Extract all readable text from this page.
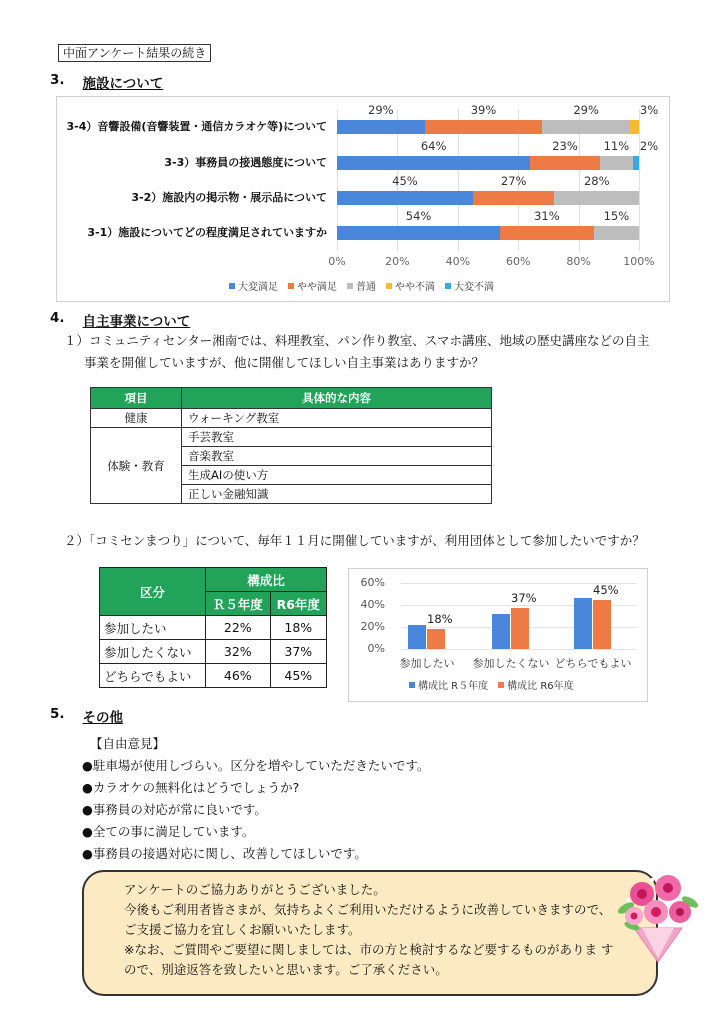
中面アンケート結果の続き
3. 施設について
0%	20%	40%	60%	80%	100%
3-4）音響設備(音響装置・通信カラオケ等)について
29%	39%	29%	3%
3-3）事務員の接遇態度について
64%	23% 11% 2%
3-2）施設内の掲示物・展示品について
45%	27%	28%
3-1）施設についてどの程度満足されていますか
54%	31%	15%
大変満足 やや満足 普通 やや不満 大変不満
4. 自主事業について
１）コミュニティセンター湘南では、料理教室、パン作り教室、スマホ講座、地域の歴史講座などの自主
事業を開催していますが、他に開催してほしい自主事業はありますか？
項目	具体的な内容
健康	ウォーキング教室
体験・教育	手芸教室
	音楽教室
	生成AIの使い方
	正しい金融知識
２）「コミセンまつり」について、毎年１１月に開催していますが、利用団体として参加したいですか？
区分	構成比	
	Ｒ５年度	R6年度
参加したい	22%	18%
参加したくない	32%	37%
どちらでもよい	46%	45%
0%
20%
40%
60%
18%
参加したい
37%
参加したくない
45%
どちらでもよい
構成比 R５年度 構成比 R6年度
5. その他
【自由意見】
●駐車場が使用しづらい。区分を増やしていただきたいです。
●カラオケの無料化はどうでしょうか?
●事務員の対応が常に良いです。
●全ての事に満足しています。
●事務員の接遇対応に関し、改善してほしいです。
アンケートのご協力ありがとうございました。
今後もご利用者皆さまが、気持ちよくご利用いただけるように改善していきますので、
ご支援ご協力を宜しくお願いいたします。
※なお、ご質問やご要望に関しましては、市の方と検討するなど要するものがありま す
ので、別途返答を致したいと思います。ご了承ください。
